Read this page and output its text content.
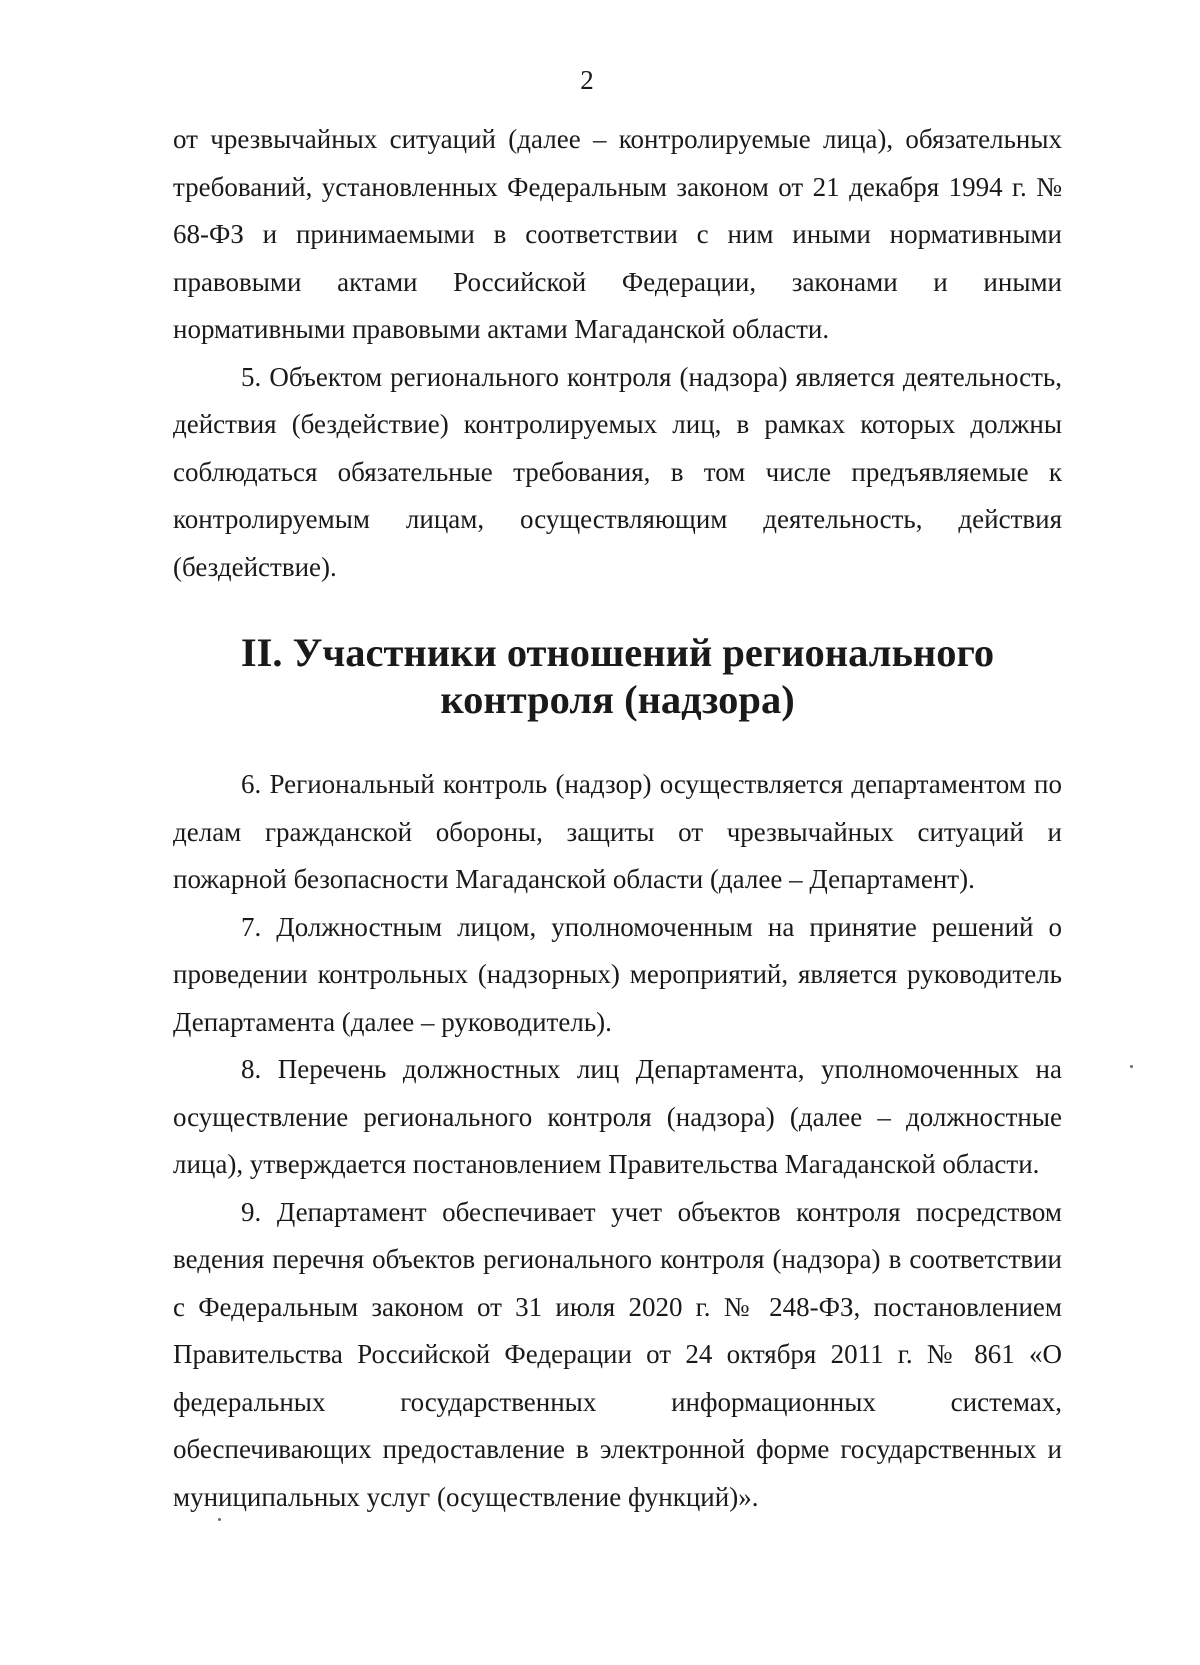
2

от чрезвычайных ситуаций (далее – контролируемые лица), обязательных требований, установленных Федеральным законом от 21 декабря 1994 г. № 68-ФЗ и принимаемыми в соответствии с ним иными нормативными правовыми актами Российской Федерации, законами и иными нормативными правовыми актами Магаданской области.

5. Объектом регионального контроля (надзора) является деятельность, действия (бездействие) контролируемых лиц, в рамках которых должны соблюдаться обязательные требования, в том числе предъявляемые к контролируемым лицам, осуществляющим деятельность, действия (бездействие).

II. Участники отношений регионального контроля (надзора)

6. Региональный контроль (надзор) осуществляется департаментом по делам гражданской обороны, защиты от чрезвычайных ситуаций и пожарной безопасности Магаданской области (далее – Департамент).

7. Должностным лицом, уполномоченным на принятие решений о проведении контрольных (надзорных) мероприятий, является руководитель Департамента (далее – руководитель).

8. Перечень должностных лиц Департамента, уполномоченных на осуществление регионального контроля (надзора) (далее – должностные лица), утверждается постановлением Правительства Магаданской области.

9. Департамент обеспечивает учет объектов контроля посредством ведения перечня объектов регионального контроля (надзора) в соответствии с Федеральным законом от 31 июля 2020 г. № 248-ФЗ, постановлением Правительства Российской Федерации от 24 октября 2011 г. № 861 «О федеральных государственных информационных системах, обеспечивающих предоставление в электронной форме государственных и муниципальных услуг (осуществление функций)».
